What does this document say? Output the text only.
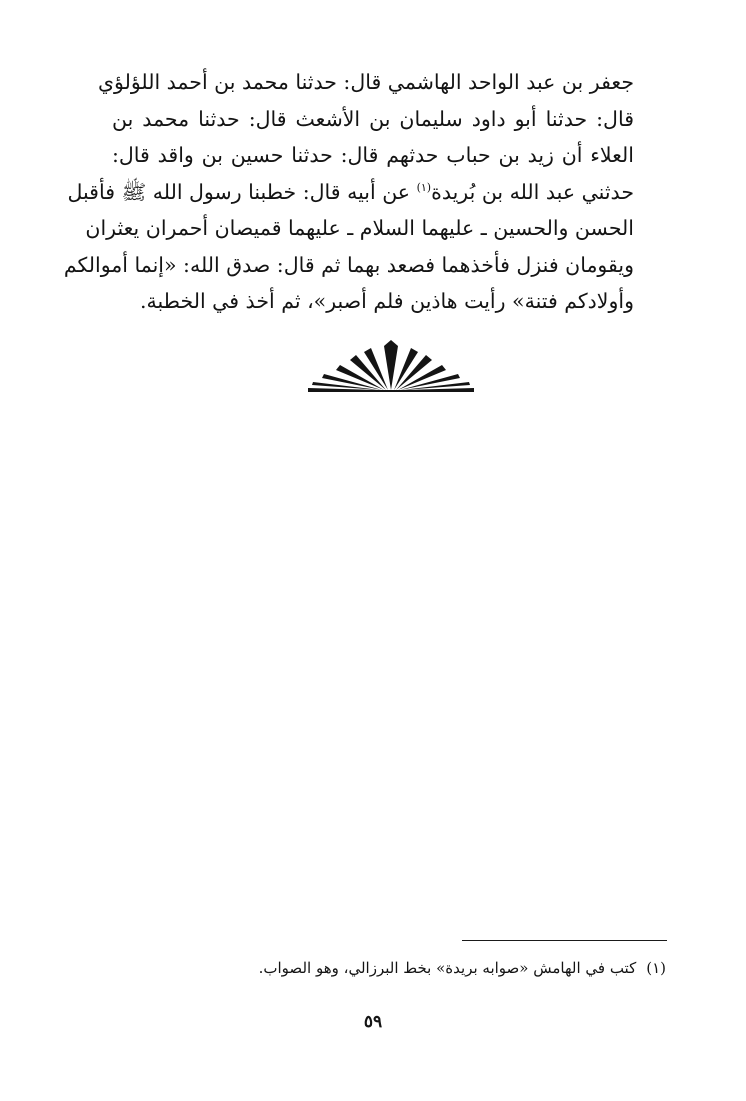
جعفر بن عبد الواحد الهاشمي قال: حدثنا محمد بن أحمد اللؤلؤي
قال: حدثنا أبو داود سليمان بن الأشعث قال: حدثنا محمد بن
العلاء أن زيد بن حباب حدثهم قال: حدثنا حسين بن واقد قال:
حدثني عبد الله بن بُريدة$^{(١)}$ عن أبيه قال: خطبنا رسول الله ﷺ فأقبل
الحسن والحسين ـ عليهما السلام ـ عليهما قميصان أحمران يعثران
ويقومان فنزل فأخذهما فصعد بهما ثم قال: صدق الله: «إنما أموالكم
وأولادكم فتنة» رأيت هاذين فلم أصبر»، ثم أخذ في الخطبة.
(١)كتب في الهامش «صوابه بريدة» بخط البرزالي، وهو الصواب.
٥٩
